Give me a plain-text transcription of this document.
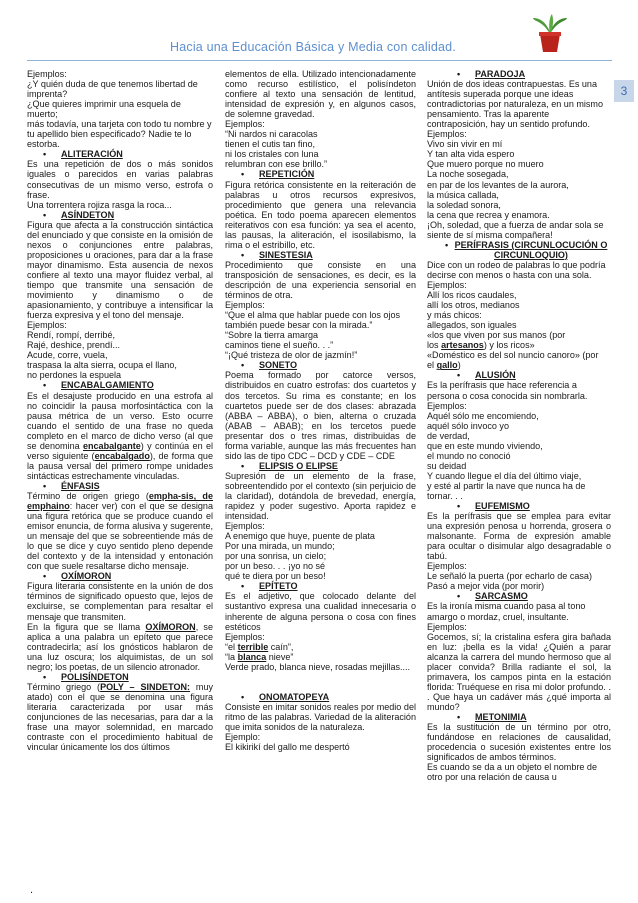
Hacia una Educación Básica y Media con calidad.
3

Ejemplos:

¿Y quién duda de que tenemos libertad de imprenta?

¿Que quieres imprimir una esquela de muerto;

más todavía, una tarjeta con todo tu nombre y

tu apellido bien especificado? Nadie te lo estorba.

• ALITERACIÓN

Es una repetición de dos o más sonidos iguales o parecidos en varias palabras consecutivas de un mismo verso, estrofa o frase.

Una torrentera rojiza rasga la roca...

• ASÍNDETON

Figura que afecta a la construcción sintáctica del enunciado y que consiste en la omisión de nexos o conjunciones entre palabras, proposiciones u oraciones, para dar a la frase mayor dinamismo. Esta ausencia de nexos confiere al texto una mayor fluidez verbal, al tiempo que transmite una sensación de movimiento y dinamismo o de apasionamiento, y contribuye a intensificar la fuerza expresiva y el tono del mensaje.

Ejemplos:

Rendí, rompí, derribé,

Rajé, deshice, prendí...

Acude, corre, vuela,

traspasa la alta sierra, ocupa el llano,

no perdones la espuela

• ENCABALGAMIENTO

Es el desajuste producido en una estrofa al no coincidir la pausa morfosintáctica con la pausa métrica de un verso. Esto ocurre cuando el sentido de una frase no queda completo en el marco de dicho verso (al que se denomina encabalgante) y continúa en el verso siguiente (encabalgado), de forma que la pausa versal del primero rompe unidades sintácticas estrechamente vinculadas.

• ÉNFASIS

Término de origen griego (empha-sis, de emphaino: hacer ver) con el que se designa una figura retórica que se produce cuando el emisor enuncia, de forma alusiva y sugerente, un mensaje del que se sobreentiende más de lo que se dice y cuyo sentido pleno depende del contexto y de la intensidad y entonación con que suele resaltarse dicho mensaje.

• OXÍMORON

Figura literaria consistente en la unión de dos términos de significado opuesto que, lejos de excluirse, se complementan para resaltar el mensaje que transmiten.

En la figura que se llama OXÍMORON, se aplica a una palabra un epíteto que parece contradecirla; así los gnósticos hablaron de una luz oscura; los alquimistas, de un sol negro; los poetas, de un silencio atronador.

• POLISÍNDETON

Término griego (POLY – SINDETON: muy atado) con el que se denomina una figura literaria caracterizada por usar más conjunciones de las necesarias, para dar a la frase una mayor solemnidad, en marcado contraste con el procedimiento habitual de vincular únicamente los dos últimos

elementos de ella. Utilizado intencionadamente como recurso estilístico, el polisíndeton confiere al texto una sensación de lentitud, intensidad de expresión y, en algunos casos, de solemne gravedad.

Ejemplos:

“Ni nardos ni caracolas

tienen el cutis tan fino,

ni los cristales con luna

relumbran con ese brillo.”

• REPETICIÓN

Figura retórica consistente en la reiteración de palabras u otros recursos expresivos, procedimiento que genera una relevancia poética. En todo poema aparecen elementos reiterativos con esa función: ya sea el acento, las pausas, la aliteración, el isosilabismo, la rima o el estribillo, etc.

• SINESTESIA

Procedimiento que consiste en una transposición de sensaciones, es decir, es la descripción de una experiencia sensorial en términos de otra.

Ejemplos:

“Que el alma que hablar puede con los ojos también puede besar con la mirada.”

“Sobre la tierra amarga

caminos tiene el sueño. . .”

“¡Qué tristeza de olor de jazmín!”

• SONETO

Poema formado por catorce versos, distribuidos en cuatro estrofas: dos cuartetos y dos tercetos. Su rima es constante; en los cuartetos puede ser de dos clases: abrazada (ABBA – ABBA), o bien, alterna o cruzada (ABAB – ABAB); en los tercetos puede presentar dos o tres rimas, distribuidas de forma variable, aunque las más frecuentes han sido las de tipo CDC – DCD y CDE – CDE

• ELIPSIS O ELIPSE

Supresión de un elemento de la frase, sobreentendido por el contexto (sin perjuicio de la claridad), dotándola de brevedad, energía, rapidez y poder sugestivo. Aporta rapidez e intensidad.

Ejemplos:

A enemigo que huye, puente de plata

Por una mirada, un mundo;

por una sonrisa, un cielo;

por un beso. . . ¡yo no sé

qué te diera por un beso!

• EPÍTETO

Es el adjetivo, que colocado delante del sustantivo expresa una cualidad innecesaria o inherente de alguna persona o cosa con fines estéticos

Ejemplos:

“el terrible caín”,

“la blanca nieve”

Verde prado, blanca nieve, rosadas mejillas....

• ONOMATOPEYA

Consiste en imitar sonidos reales por medio del ritmo de las palabras. Variedad de la aliteración que imita sonidos de la naturaleza.

Ejemplo:

El kikirikí del gallo me despertó

• PARADOJA

Unión de dos ideas contrapuestas. Es una antítesis superada porque une ideas contradictorias por naturaleza, en un mismo pensamiento. Tras la aparente contraposición, hay un sentido profundo.

Ejemplos:

Vivo sin vivir en mí

Y tan alta vida espero

Que muero porque no muero

La noche sosegada,

en par de los levantes de la aurora,

la música callada,

la soledad sonora,

la cena que recrea y enamora.

¡Oh, soledad, que a fuerza de andar sola se siente de sí misma compañera!

• PERÍFRASIS (CIRCUNLOCUCIÓN O CIRCUNLOQUIO)

Dice con un rodeo de palabras lo que podría decirse con menos o hasta con una sola.

Ejemplos:

Allí los ricos caudales,

allí los otros, medianos

y más chicos:

allegados, son iguales

«los que viven por sus manos (por

los artesanos) y los ricos»

«Doméstico es del sol nuncio canoro» (por

el gallo)

• ALUSIÓN

Es la perífrasis que hace referencia a persona o cosa conocida sin nombrarla.

Ejemplos:

Aquél sólo me encomiendo,

aquél sólo invoco yo

de verdad,

que en este mundo viviendo,

el mundo no conoció

su deidad

Y cuando llegue el día del último viaje,

y esté al partir la nave que nunca ha de tornar. . .

• EUFEMISMO

Es la perífrasis que se emplea para evitar una expresión penosa u horrenda, grosera o malsonante. Forma de expresión amable para ocultar o disimular algo desagradable o tabú.

Ejemplos:

Le señaló la puerta (por echarlo de casa)

Pasó a mejor vida (por morir)

• SARCASMO

Es la ironía misma cuando pasa al tono amargo o mordaz, cruel, insultante.

Ejemplos:

Gocemos, sí; la cristalina esfera gira bañada en luz: ¡bella es la vida! ¿Quién a parar alcanza la carrera del mundo hermoso que al placer convida? Brilla radiante el sol, la primavera, los campos pinta en la estación florida: Truéquese en risa mi dolor profundo. . . Que haya un cadáver más ¿qué importa al mundo?

• METONIMIA

Es la sustitución de un término por otro, fundándose en relaciones de causalidad, procedencia o sucesión existentes entre los significados de ambos términos.

Es cuando se da a un objeto el nombre de otro por una relación de causa u

.
